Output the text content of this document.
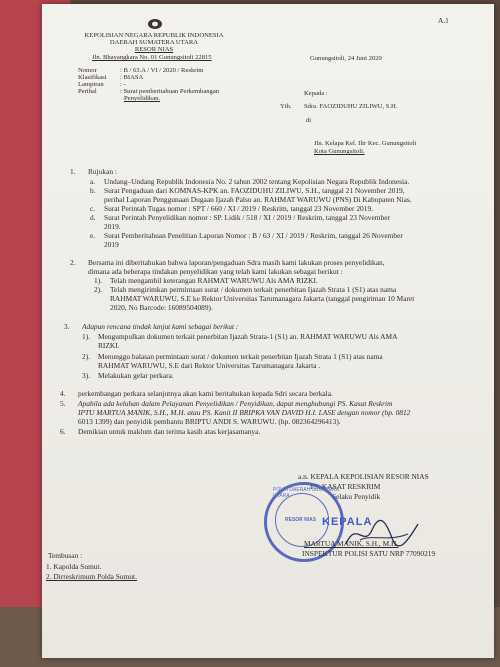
A.1
KEPOLISIAN NEGARA REPUBLIK INDONESIA
DAERAH SUMATERA UTARA
RESOR NIAS
Jln. Bhayangkara No. 01 Gunungsitoli 22815	Gunungsitoli, 24 Juni 2020
Nomor	: B / 63.A / VI / 2020 / Reskrim
Klasifikasi : BIASA
Lampiran : -
Perihal	: Surat pemberitahuan Perkembangan
Penyelidikan.
Kepada :
Yth. Sdra. FAOZIDUHU ZILIWU, S.H.
di
Jln. Kelapa Kel. Ilir Kec. Gunungsitoli
Kota Gunungsitoli.
1. Rujukan :
a. Undang–Undang Republik Indonesia No. 2 tahun 2002 tentang Kepolisian Negara Republik Indonesia.
b. Surat Pengaduan dari KOMNAS-KPK an. FAOZIDUHU ZILIWU, S.H., tanggal 21 November 2019,
perihal Laporan Penggunaan Dugaan Ijazah Palsu an. RAHMAT WARUWU (PNS) Di Kabupaten Nias.
c. Surat Perintah Tugas nomor : SPT / 660 / XI / 2019 / Reskrim, tanggal 23 November 2019.
d. Surat Perintah Penyelidikan nomor : SP. Lidik / 518 / XI / 2019 / Reskrim, tanggal 23 November
2019.
e. Surat Pemberitahuan Penelitian Laporan Nomor : B / 63 / XI / 2019 / Reskrim, tanggal 26 November
2019
2. Bersama ini diberitahukan bahwa laporan/pengaduan Sdra masih kami lakukan proses penyelidikan,
dimana ada beberapa tindakan penyelidikan yang telah kami lakukan sebagai berikut :
1). Telah mengambil keterangan RAHMAT WARUWU Als AMA RIZKI.
2). Telah mengirimkan permintaan surat / dokumen terkait penerbitan Ijazah Strata 1 (S1) atas nama
RAHMAT WARUWU, S.E ke Rektor Universitas Tarumanagara Jakarta (tanggal pengiriman 10 Maret
2020, No Barcode: 16089504089).
3. Adapun rencana tindak lanjut kami sebagai berikut :
1). Mengumpulkan dokumen terkait penerbitan Ijazah Strata-1 (S1) an. RAHMAT WARUWU Als AMA
RIZKI.
2). Menunggu balasan permintaan surat / dokumen terkait penerbitan Ijazah Strata 1 (S1) atas nama
RAHMAT WARUWU, S.E dari Rektor Universitas Tarumanagara Jakarta .
3). Melakukan gelar perkara.
4. perkembangan perkara selanjutnya akan kami beritahukan kepada Sdri secara berkala.
5. Apabila ada keluhan dalam Pelayanan Penyelidikan / Penyidikan, dapat menghubungi PS. Kasat Reskrim
IPTU MARTUA MANIK, S.H., M.H. atau PS. Kanit II BRIPKA VAN DAVID H.I. LASE dengan nomor (hp. 0812
6013 1399) dan penyidik pembantu BRIPTU ANDI S. WARUWU. (hp. 082364296413).
6. Demikian untuk maklum dan terima kasih atas kerjasamanya.
a.n. KEPALA KEPOLISIAN RESOR NIAS
PS. KASAT RESKRIM
Selaku Penyidik
POLRI DAERAH SUMATERA UTARA
RESOR NIAS KEPALA
MARTUA MANIK, S.H., M.H.
INSPEKTUR POLISI SATU NRP 77090219
Tembusan :
1. Kapolda Sumut.
2. Dirreskrimum Polda Sumut.
